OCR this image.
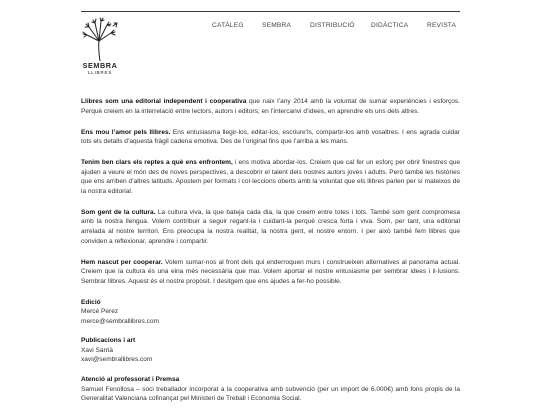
SEMBRA
LLIBRES
CATÀLEG	SEMBRA	DISTRIBUCIÓ DIDÀCTICA	REVISTA

Llibres som una editorial independent i cooperativa que naix l’any 2014 amb la voluntat de sumar experiències i esforços. Perquè creiem en la interrelació entre lectors, autors i editors; en l’intercanvi d’idees, en aprendre els uns dels altres.

Ens mou l’amor pels llibres. Ens entusiasma llegir-los, editar-los, escriure’ls, compartir-los amb vosaltres. I ens agrada cuidar tots els detalls d’aquesta fràgil cadena emotiva. Des de l’original fins que l’arriba a les mans.

Tenim ben clars els reptes a què ens enfrontem, i ens motiva abordar-los. Creiem que cal fer un esforç per obrir finestres que ajuden a veure el món des de noves perspectives, a descobrir el talent dels nostres autors joves i adults. Però també les històries que ens arriben d’altres latituds. Apostem per formats i col·leccions oberts amb la voluntat que els llibres parlen per sí mateixos de la nostra editorial.

Som gent de la cultura. La cultura viva, la que bateja cada dia, la que creem entre totes i tots. També som gent compromesa amb la nostra llengua. Volem contribuir a seguir regant-la i cuidant-la perquè cresca forta i viva. Som, per tant, una editorial arrelada al nostre territori. Ens preocupa la nostra realitat, la nostra gent, el nostre entorn. I per això també fem llibres que conviden a reflexionar, aprendre i compartir.

Hem nascut per cooperar. Volem sumar-nos al front dels qui enderroquen murs i construeixen alternatives al panorama actual. Creiem que la cultura és una eina més necessària que mai. Volem aportar el nostre entusiasme per sembrar idees i il·lusions. Sembrar llibres. Aquest és el nostre propòsit. I desitgem que ens ajudes a fer-ho possible.

Edició
Mercé Perez
merce@sembrallibres.com
Publicacions i art
Xavi Sarrià
xavi@sembrallibres.com
Atenció al professorat i Premsa
Samuel Fenollosa – soci treballador incorporat a la cooperativa amb subvenció (per un import de 6.000€) amb fons propis de la Generalitat Valenciana cofinançat pel Ministeri de Treball i Economia Social.
